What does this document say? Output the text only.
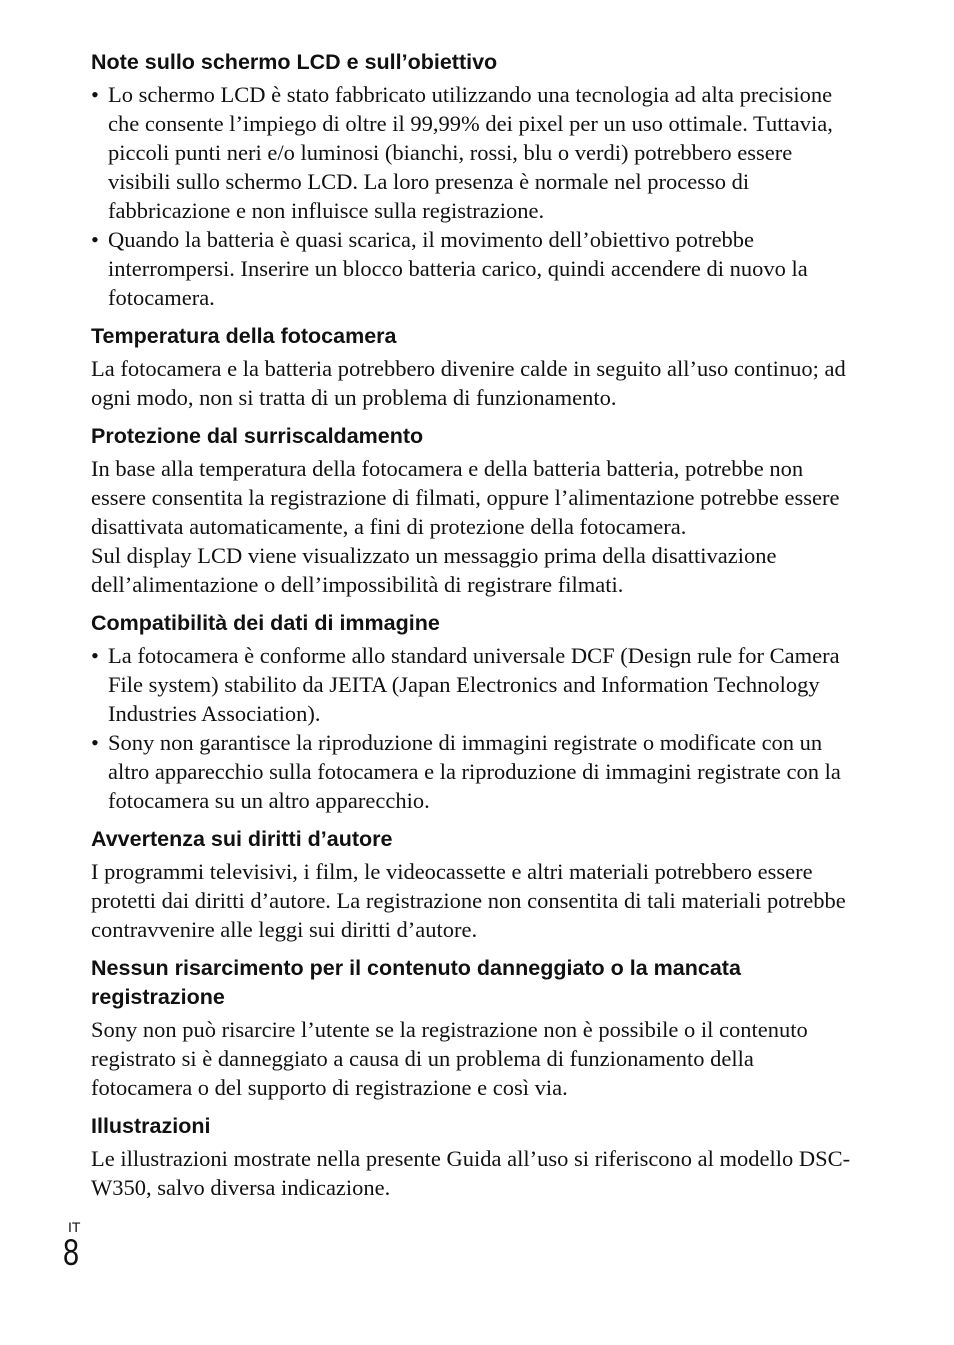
Note sullo schermo LCD e sull’obiettivo
• Lo schermo LCD è stato fabbricato utilizzando una tecnologia ad alta precisione che consente l’impiego di oltre il 99,99% dei pixel per un uso ottimale. Tuttavia, piccoli punti neri e/o luminosi (bianchi, rossi, blu o verdi) potrebbero essere visibili sullo schermo LCD. La loro presenza è normale nel processo di fabbricazione e non influisce sulla registrazione.
• Quando la batteria è quasi scarica, il movimento dell’obiettivo potrebbe interrompersi. Inserire un blocco batteria carico, quindi accendere di nuovo la fotocamera.
Temperatura della fotocamera

La fotocamera e la batteria potrebbero divenire calde in seguito all’uso continuo; ad ogni modo, non si tratta di un problema di funzionamento.

Protezione dal surriscaldamento

In base alla temperatura della fotocamera e della batteria batteria, potrebbe non essere consentita la registrazione di filmati, oppure l’alimentazione potrebbe essere disattivata automaticamente, a fini di protezione della fotocamera.

Sul display LCD viene visualizzato un messaggio prima della disattivazione dell’alimentazione o dell’impossibilità di registrare filmati.

Compatibilità dei dati di immagine
• La fotocamera è conforme allo standard universale DCF (Design rule for Camera File system) stabilito da JEITA (Japan Electronics and Information Technology Industries Association).
• Sony non garantisce la riproduzione di immagini registrate o modificate con un altro apparecchio sulla fotocamera e la riproduzione di immagini registrate con la fotocamera su un altro apparecchio.
Avvertenza sui diritti d’autore

I programmi televisivi, i film, le videocassette e altri materiali potrebbero essere protetti dai diritti d’autore. La registrazione non consentita di tali materiali potrebbe contravvenire alle leggi sui diritti d’autore.

Nessun risarcimento per il contenuto danneggiato o la mancata registrazione

Sony non può risarcire l’utente se la registrazione non è possibile o il contenuto registrato si è danneggiato a causa di un problema di funzionamento della fotocamera o del supporto di registrazione e così via.

Illustrazioni

Le illustrazioni mostrate nella presente Guida all’uso si riferiscono al modello DSC-W350, salvo diversa indicazione.

IT
8
